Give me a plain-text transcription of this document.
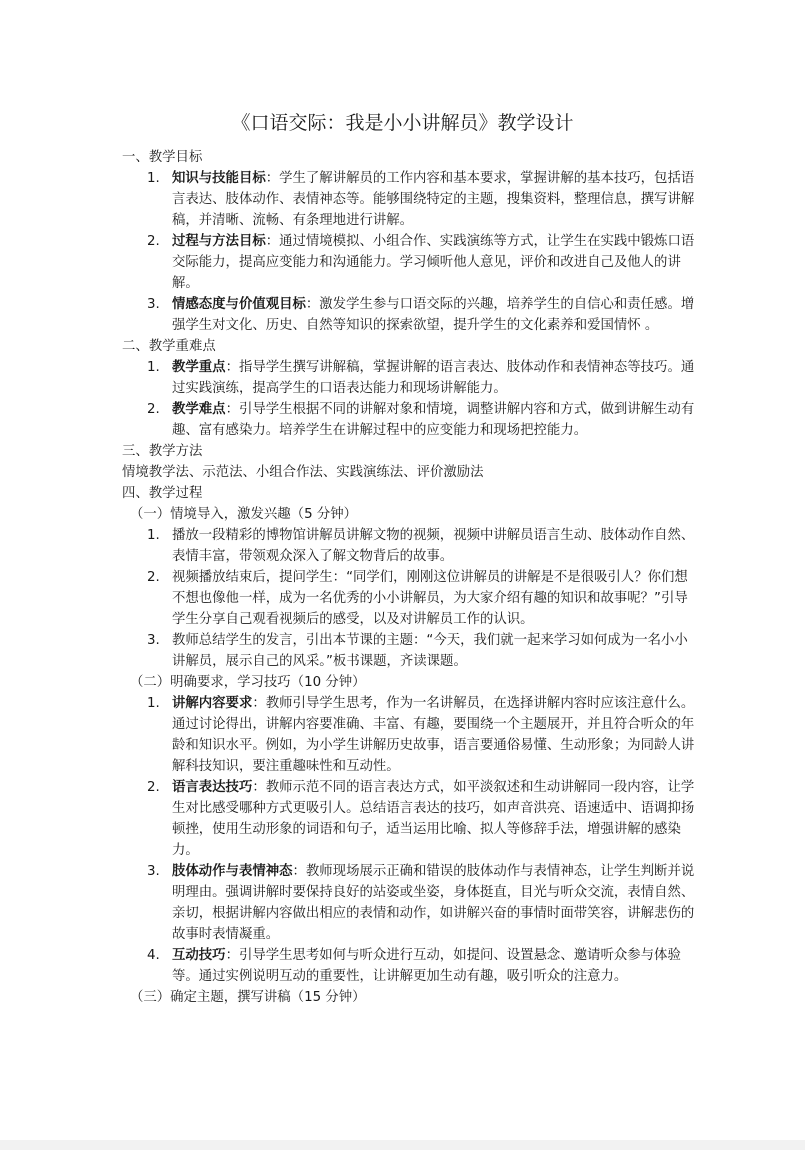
《口语交际：我是小小讲解员》教学设计
一、教学目标
1. 知识与技能目标：学生了解讲解员的工作内容和基本要求，掌握讲解的基本技巧，包括语言表达、肢体动作、表情神态等。能够围绕特定的主题，搜集资料，整理信息，撰写讲解稿，并清晰、流畅、有条理地进行讲解。
2. 过程与方法目标：通过情境模拟、小组合作、实践演练等方式，让学生在实践中锻炼口语交际能力，提高应变能力和沟通能力。学习倾听他人意见，评价和改进自己及他人的讲解。
3. 情感态度与价值观目标：激发学生参与口语交际的兴趣，培养学生的自信心和责任感。增强学生对文化、历史、自然等知识的探索欲望，提升学生的文化素养和爱国情怀 。
二、教学重难点
1. 教学重点：指导学生撰写讲解稿，掌握讲解的语言表达、肢体动作和表情神态等技巧。通过实践演练，提高学生的口语表达能力和现场讲解能力。
2. 教学难点：引导学生根据不同的讲解对象和情境，调整讲解内容和方式，做到讲解生动有趣、富有感染力。培养学生在讲解过程中的应变能力和现场把控能力。
三、教学方法
情境教学法、示范法、小组合作法、实践演练法、评价激励法
四、教学过程
（一）情境导入，激发兴趣（5 分钟）
1. 播放一段精彩的博物馆讲解员讲解文物的视频，视频中讲解员语言生动、肢体动作自然、表情丰富，带领观众深入了解文物背后的故事。
2. 视频播放结束后，提问学生：“同学们，刚刚这位讲解员的讲解是不是很吸引人？你们想不想也像他一样，成为一名优秀的小小讲解员，为大家介绍有趣的知识和故事呢？”引导学生分享自己观看视频后的感受，以及对讲解员工作的认识。
3. 教师总结学生的发言，引出本节课的主题：“今天，我们就一起来学习如何成为一名小小讲解员，展示自己的风采。”板书课题，齐读课题。
（二）明确要求，学习技巧（10 分钟）
1. 讲解内容要求：教师引导学生思考，作为一名讲解员，在选择讲解内容时应该注意什么。通过讨论得出，讲解内容要准确、丰富、有趣，要围绕一个主题展开，并且符合听众的年龄和知识水平。例如，为小学生讲解历史故事，语言要通俗易懂、生动形象；为同龄人讲解科技知识，要注重趣味性和互动性。
2. 语言表达技巧：教师示范不同的语言表达方式，如平淡叙述和生动讲解同一段内容，让学生对比感受哪种方式更吸引人。总结语言表达的技巧，如声音洪亮、语速适中、语调抑扬顿挫，使用生动形象的词语和句子，适当运用比喻、拟人等修辞手法，增强讲解的感染力。
3. 肢体动作与表情神态：教师现场展示正确和错误的肢体动作与表情神态，让学生判断并说明理由。强调讲解时要保持良好的站姿或坐姿，身体挺直，目光与听众交流，表情自然、亲切，根据讲解内容做出相应的表情和动作，如讲解兴奋的事情时面带笑容，讲解悲伤的故事时表情凝重。
4. 互动技巧：引导学生思考如何与听众进行互动，如提问、设置悬念、邀请听众参与体验等。通过实例说明互动的重要性，让讲解更加生动有趣，吸引听众的注意力。
（三）确定主题，撰写讲稿（15 分钟）
